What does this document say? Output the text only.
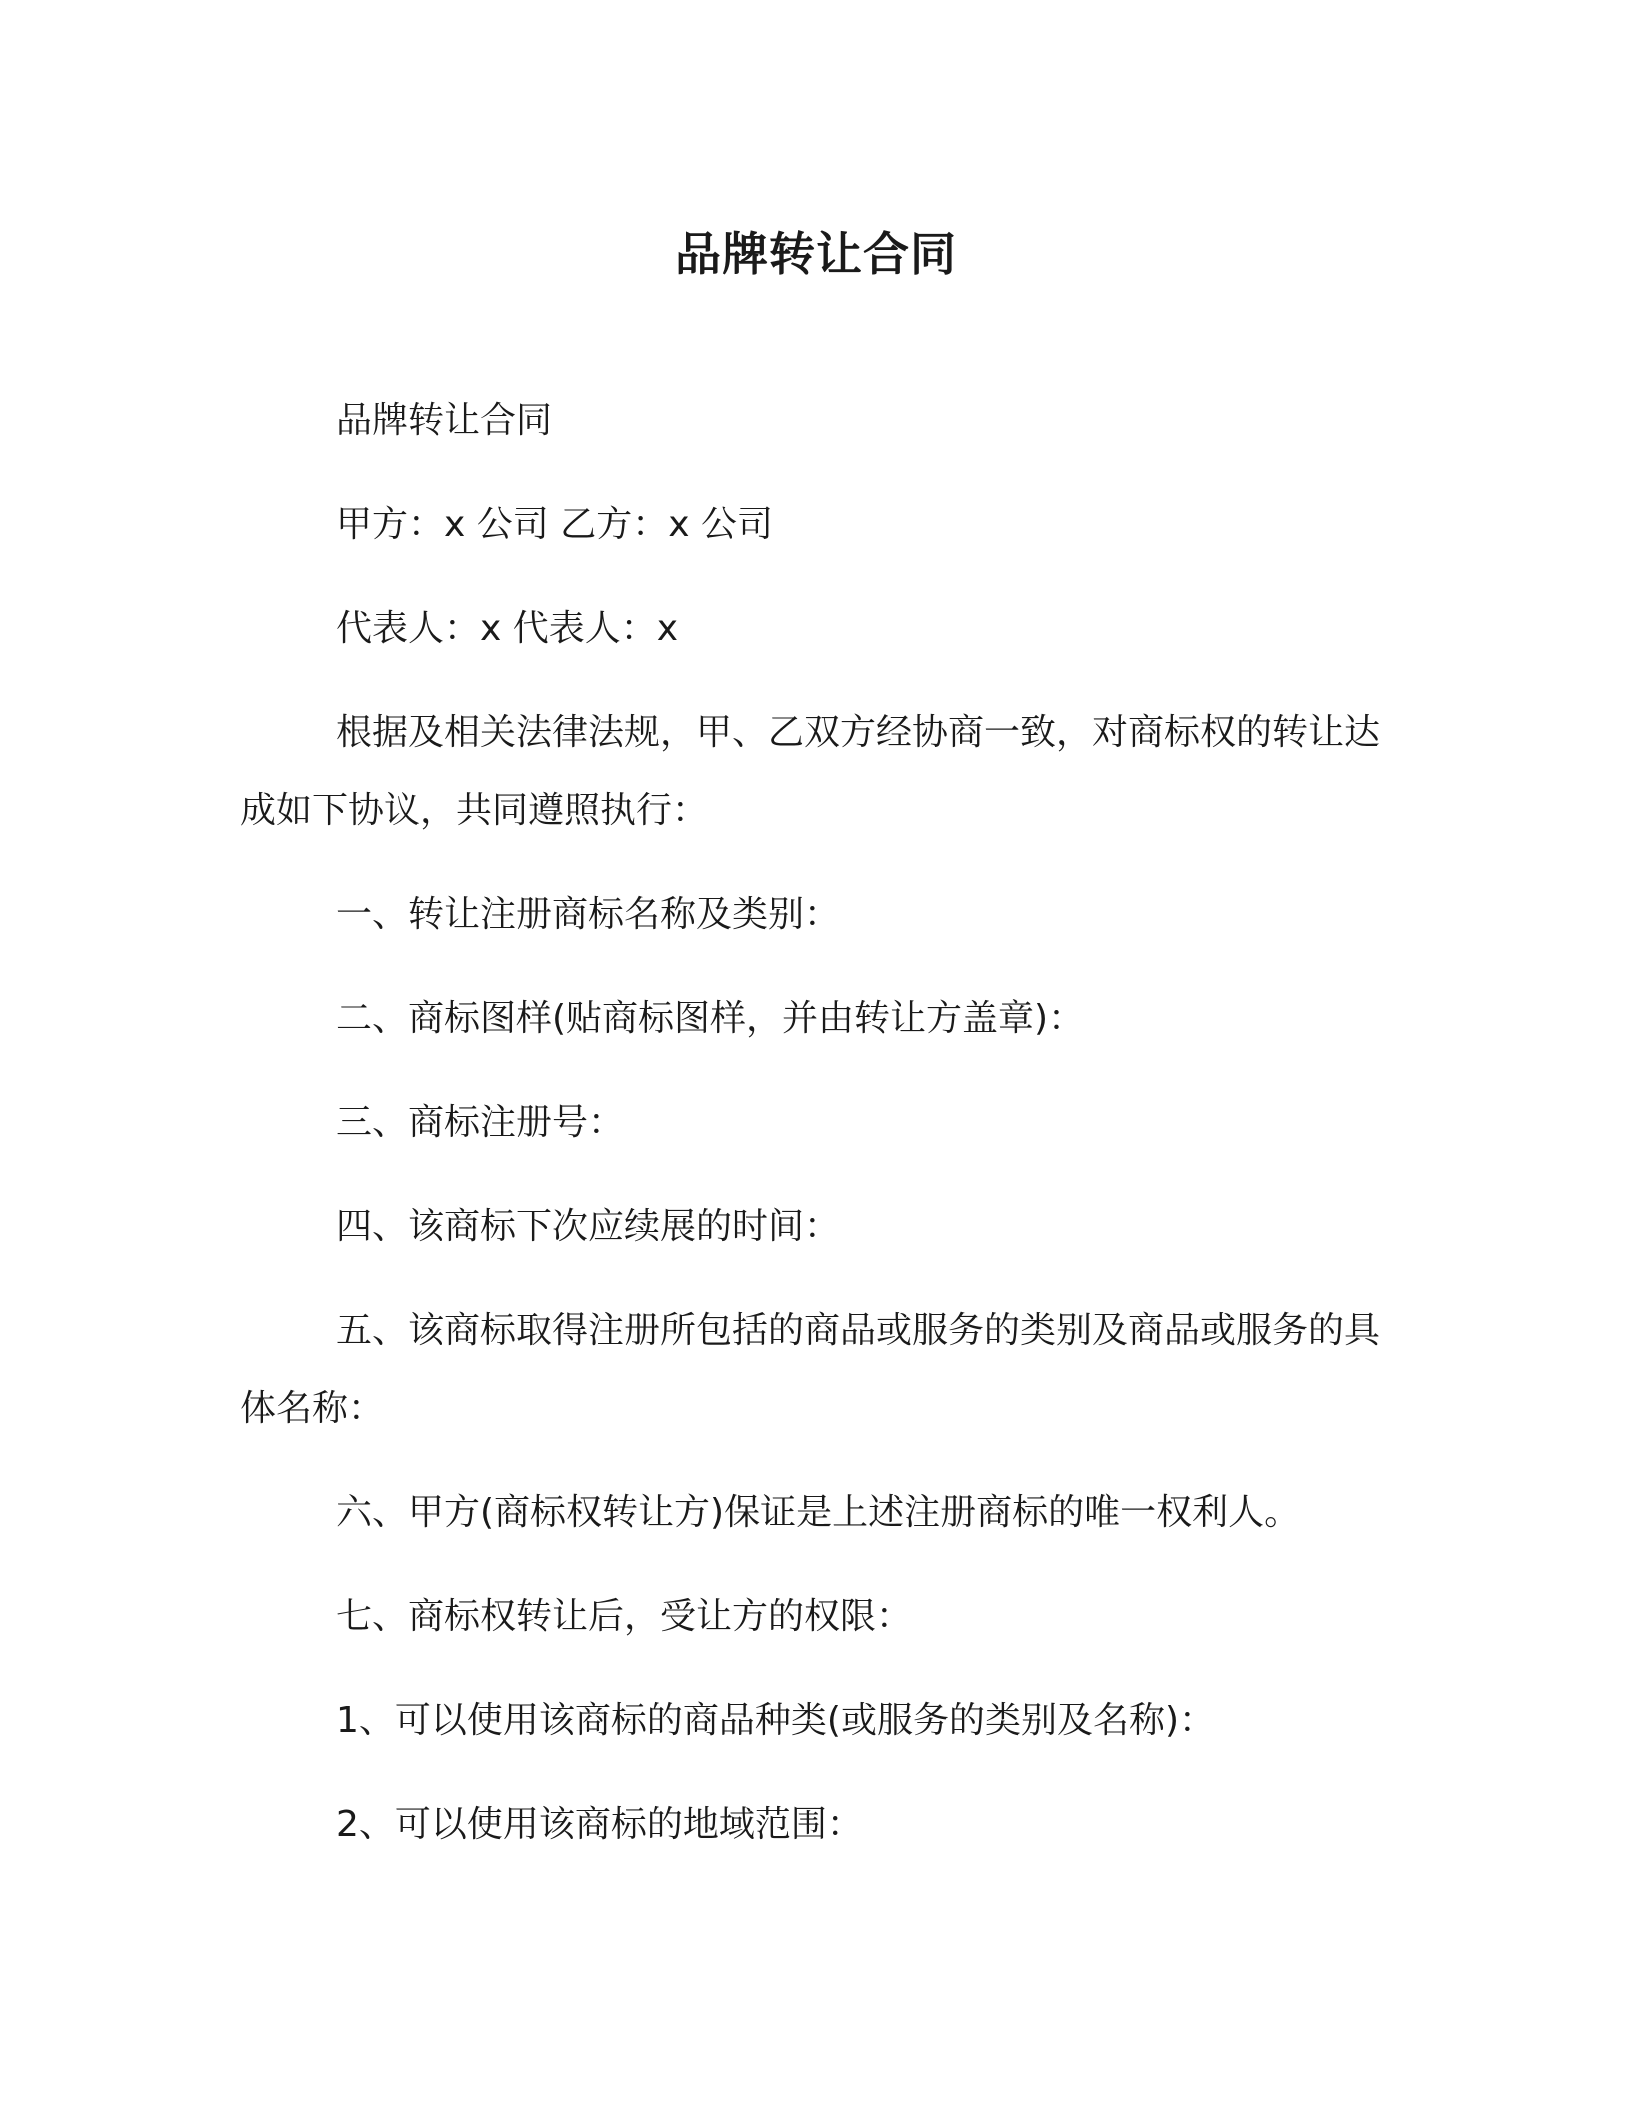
品牌转让合同

品牌转让合同

甲方：x 公司 乙方：x 公司

代表人：x 代表人：x

根据及相关法律法规，甲、乙双方经协商一致，对商标权的转让达成如下协议，共同遵照执行：

一、转让注册商标名称及类别：

二、商标图样(贴商标图样，并由转让方盖章)：

三、商标注册号：

四、该商标下次应续展的时间：

五、该商标取得注册所包括的商品或服务的类别及商品或服务的具体名称：

六、甲方(商标权转让方)保证是上述注册商标的唯一权利人。

七、商标权转让后，受让方的权限：

1、可以使用该商标的商品种类(或服务的类别及名称)：

2、可以使用该商标的地域范围：
